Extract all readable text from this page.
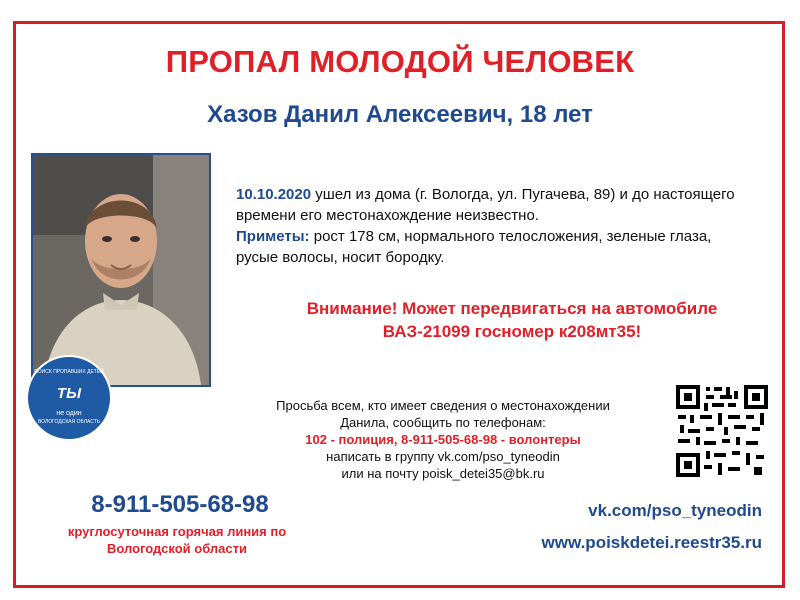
ПРОПАЛ МОЛОДОЙ ЧЕЛОВЕК
Хазов Данил Алексеевич, 18 лет
ПОИСК ПРОПАВШИХ ДЕТЕЙ
ТЫ
не один
ВОЛОГОДСКАЯ ОБЛАСТЬ
10.10.2020 ушел из дома (г. Вологда, ул. Пугачева, 89) и до настоящего времени его местонахождение неизвестно.
Приметы: рост 178 см, нормального телосложения, зеленые глаза, русые волосы, носит бородку.
Внимание! Может передвигаться на автомобиле
ВАЗ-21099 госномер к208мт35!
Просьба всем, кто имеет сведения о местонахождении
Данила, сообщить по телефонам:
102 - полиция, 8-911-505-68-98 - волонтеры
написать в группу vk.com/pso_tyneodin
или на почту poisk_detei35@bk.ru
8-911-505-68-98
круглосуточная горячая линия по
Вологодской области
vk.com/pso_tyneodin
www.poiskdetei.reestr35.ru
